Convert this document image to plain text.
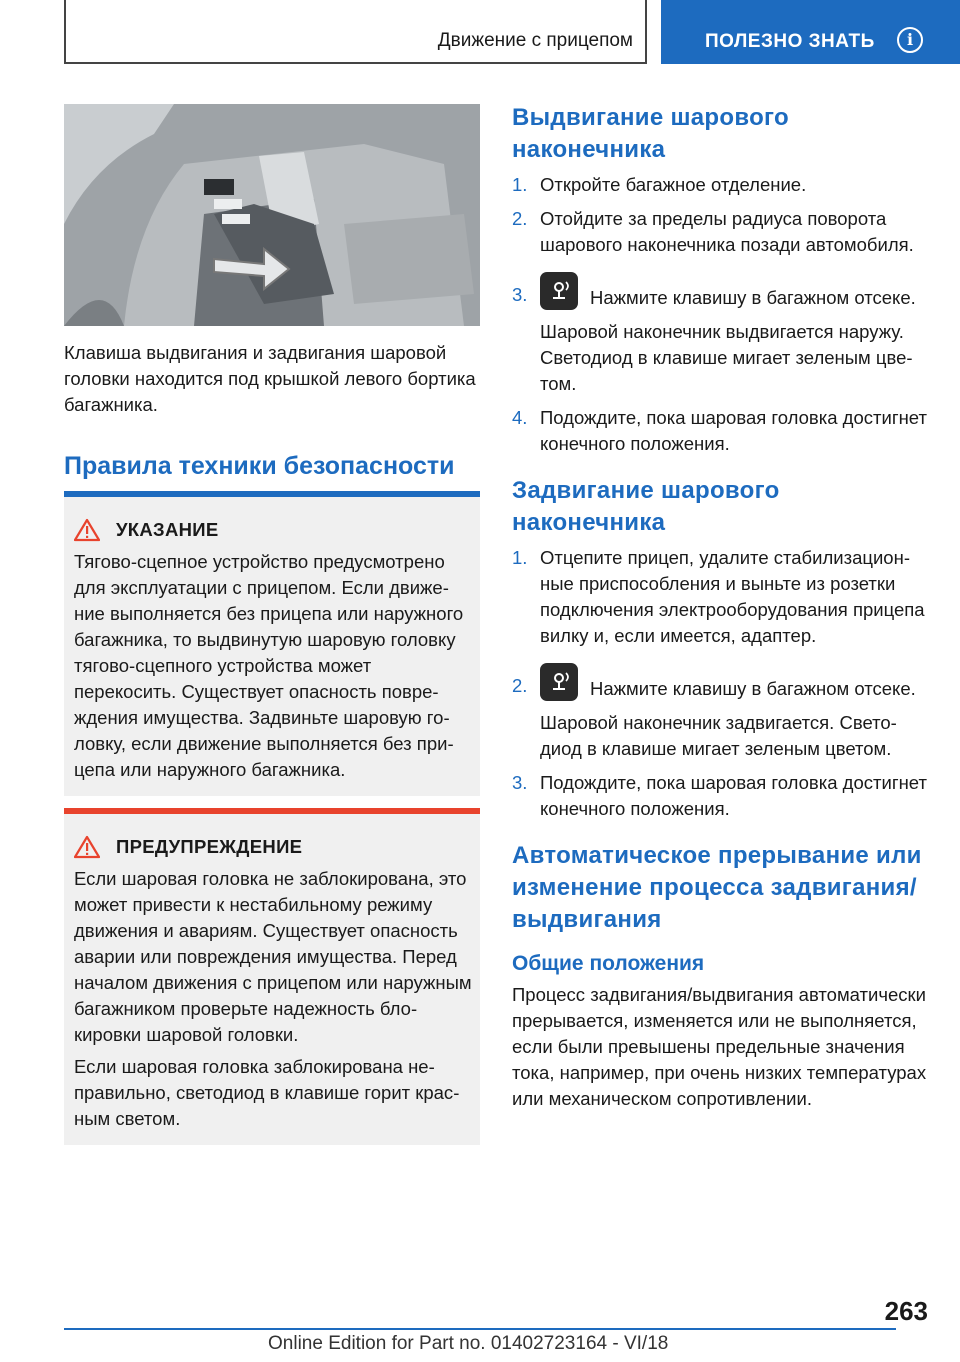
Движение с прицепом	ПОЛЕЗНО ЗНАТЬ	i

Клавиша выдвигания и задвигания шаровой головки находится под крышкой левого бортика багажника.

Правила техники безопасности
УКАЗАНИЕ

Тягово-сцепное устройство предусмотрено для эксплуатации с прицепом. Если движение выполняется без прицепа или наружного багажника, то выдвинутую шаровую головку тягово-сцепного устройства может перекосить. Существует опасность повреждения имущества. Задвиньте шаровую головку, если движение выполняется без прицепа или наружного багажника.

ПРЕДУПРЕЖДЕНИЕ

Если шаровая головка не заблокирована, это может привести к нестабильному режиму движения и авариям. Существует опасность аварии или повреждения имущества. Перед началом движения с прицепом или наружным багажником проверьте надежность блокировки шаровой головки.

Если шаровая головка заблокирована неправильно, светодиод в клавише горит красным светом.

Выдвигание шарового наконечника
1. Откройте багажное отделение.
2. Отойдите за пределы радиуса поворота шарового наконечника позади автомобиля.
3.	Нажмите клавишу в багажном отсеке.
Шаровой наконечник выдвигается наружу. Светодиод в клавише мигает зеленым цветом.
4. Подождите, пока шаровая головка достигнет конечного положения.
Задвигание шарового наконечника
1. Отцепите прицеп, удалите стабилизационные приспособления и выньте из розетки подключения электрооборудования прицепа вилку и, если имеется, адаптер.
2.	Нажмите клавишу в багажном отсеке.
Шаровой наконечник задвигается. Светодиод в клавише мигает зеленым цветом.
3. Подождите, пока шаровая головка достигнет конечного положения.
Автоматическое прерывание или изменение процесса задвигания/выдвигания
Общие положения

Процесс задвигания/выдвигания автоматически прерывается, изменяется или не выполняется, если были превышены предельные значения тока, например, при очень низких температурах или механическом сопротивлении.

263
Online Edition for Part no. 01402723164 - VI/18
